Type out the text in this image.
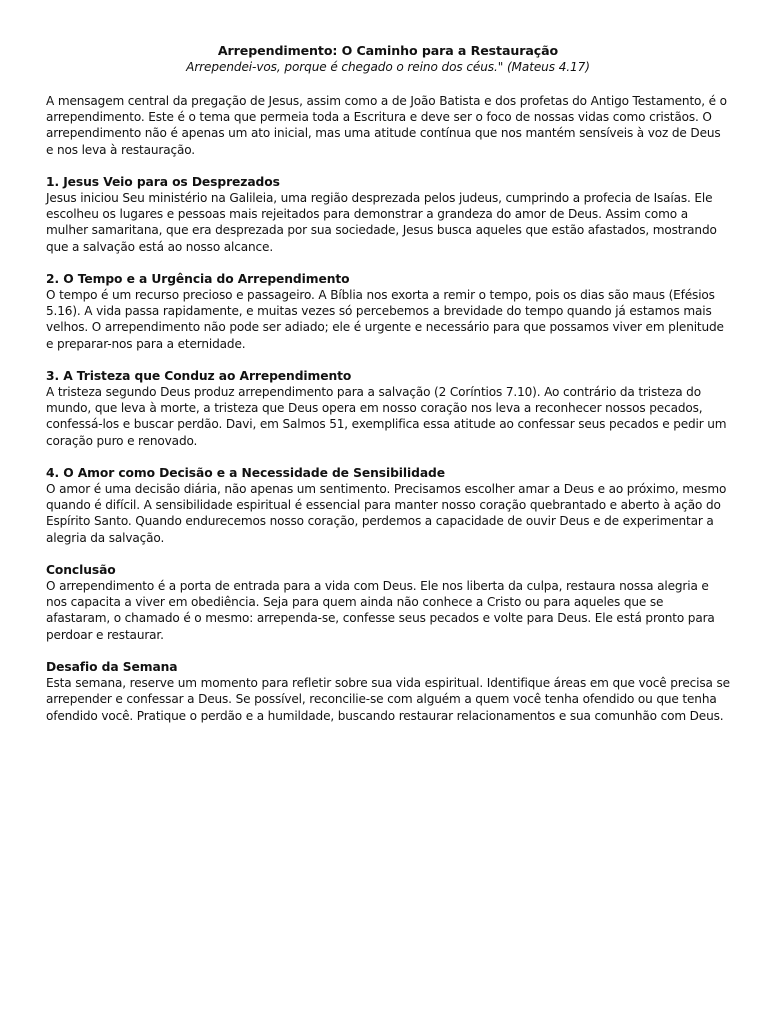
Arrependimento: O Caminho para a Restauração

Arrependei-vos, porque é chegado o reino dos céus." (Mateus 4.17)

A mensagem central da pregação de Jesus, assim como a de João Batista e dos profetas do Antigo Testamento, é o arrependimento. Este é o tema que permeia toda a Escritura e deve ser o foco de nossas vidas como cristãos. O arrependimento não é apenas um ato inicial, mas uma atitude contínua que nos mantém sensíveis à voz de Deus e nos leva à restauração.

1. Jesus Veio para os Desprezados

Jesus iniciou Seu ministério na Galileia, uma região desprezada pelos judeus, cumprindo a profecia de Isaías. Ele escolheu os lugares e pessoas mais rejeitados para demonstrar a grandeza do amor de Deus. Assim como a mulher samaritana, que era desprezada por sua sociedade, Jesus busca aqueles que estão afastados, mostrando que a salvação está ao nosso alcance.

2. O Tempo e a Urgência do Arrependimento

O tempo é um recurso precioso e passageiro. A Bíblia nos exorta a remir o tempo, pois os dias são maus (Efésios 5.16). A vida passa rapidamente, e muitas vezes só percebemos a brevidade do tempo quando já estamos mais velhos. O arrependimento não pode ser adiado; ele é urgente e necessário para que possamos viver em plenitude e preparar-nos para a eternidade.

3. A Tristeza que Conduz ao Arrependimento

A tristeza segundo Deus produz arrependimento para a salvação (2 Coríntios 7.10). Ao contrário da tristeza do mundo, que leva à morte, a tristeza que Deus opera em nosso coração nos leva a reconhecer nossos pecados, confessá-los e buscar perdão. Davi, em Salmos 51, exemplifica essa atitude ao confessar seus pecados e pedir um coração puro e renovado.

4. O Amor como Decisão e a Necessidade de Sensibilidade

O amor é uma decisão diária, não apenas um sentimento. Precisamos escolher amar a Deus e ao próximo, mesmo quando é difícil. A sensibilidade espiritual é essencial para manter nosso coração quebrantado e aberto à ação do Espírito Santo. Quando endurecemos nosso coração, perdemos a capacidade de ouvir Deus e de experimentar a alegria da salvação.

Conclusão

O arrependimento é a porta de entrada para a vida com Deus. Ele nos liberta da culpa, restaura nossa alegria e nos capacita a viver em obediência. Seja para quem ainda não conhece a Cristo ou para aqueles que se afastaram, o chamado é o mesmo: arrependa-se, confesse seus pecados e volte para Deus. Ele está pronto para perdoar e restaurar.

Desafio da Semana

Esta semana, reserve um momento para refletir sobre sua vida espiritual. Identifique áreas em que você precisa se arrepender e confessar a Deus. Se possível, reconcilie-se com alguém a quem você tenha ofendido ou que tenha ofendido você. Pratique o perdão e a humildade, buscando restaurar relacionamentos e sua comunhão com Deus.
